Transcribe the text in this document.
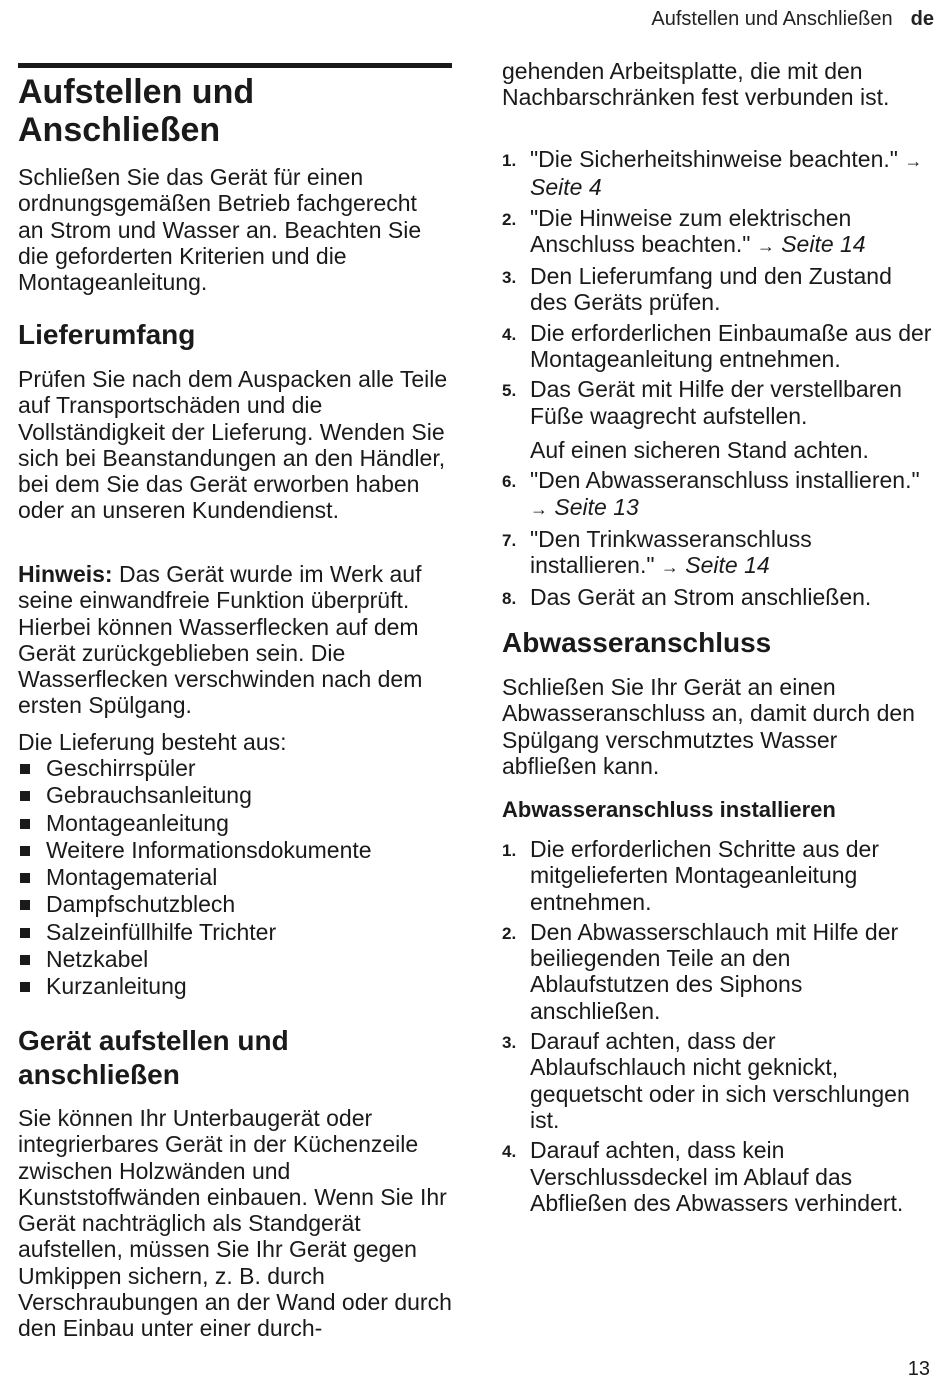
Aufstellen und Anschließen de
Aufstellen und Anschließen

Schließen Sie das Gerät für einen ordnungsgemäßen Betrieb fachgerecht an Strom und Wasser an. Beachten Sie die geforderten Kriterien und die Montageanleitung.

Lieferumfang

Prüfen Sie nach dem Auspacken alle Teile auf Transportschäden und die Vollständigkeit der Lieferung. Wenden Sie sich bei Beanstandungen an den Händler, bei dem Sie das Gerät erworben haben oder an unseren Kundendienst.

Hinweis: Das Gerät wurde im Werk auf seine einwandfreie Funktion überprüft. Hierbei können Wasserflecken auf dem Gerät zurückgeblieben sein. Die Wasserflecken verschwinden nach dem ersten Spülgang.

Die Lieferung besteht aus:

Geschirrspüler
Gebrauchsanleitung
Montageanleitung
Weitere Informationsdokumente
Montagematerial
Dampfschutzblech
Salzeinfüllhilfe Trichter
Netzkabel
Kurzanleitung
Gerät aufstellen und anschließen

Sie können Ihr Unterbaugerät oder integrierbares Gerät in der Küchenzeile zwischen Holzwänden und Kunststoffwänden einbauen. Wenn Sie Ihr Gerät nachträglich als Standgerät aufstellen, müssen Sie Ihr Gerät gegen Umkippen sichern, z. B. durch Verschraubungen an der Wand oder durch den Einbau unter einer durch-

gehenden Arbeitsplatte, die mit den Nachbarschränken fest verbunden ist.

1. "Die Sicherheitshinweise beachten." → Seite 4
2. "Die Hinweise zum elektrischen Anschluss beachten." → Seite 14
3. Den Lieferumfang und den Zustand des Geräts prüfen.
4. Die erforderlichen Einbaumaße aus der Montageanleitung entnehmen.
5. Das Gerät mit Hilfe der verstellbaren Füße waagrecht aufstellen.
Auf einen sicheren Stand achten.
6. "Den Abwasseranschluss installieren." → Seite 13
7. "Den Trinkwasseranschluss installieren." → Seite 14
8. Das Gerät an Strom anschließen.
Abwasseranschluss

Schließen Sie Ihr Gerät an einen Abwasseranschluss an, damit durch den Spülgang verschmutztes Wasser abfließen kann.

Abwasseranschluss installieren
1. Die erforderlichen Schritte aus der mitgelieferten Montageanleitung entnehmen.
2. Den Abwasserschlauch mit Hilfe der beiliegenden Teile an den Ablaufstutzen des Siphons anschließen.
3. Darauf achten, dass der Ablaufschlauch nicht geknickt, gequetscht oder in sich verschlungen ist.
4. Darauf achten, dass kein Verschlussdeckel im Ablauf das Abfließen des Abwassers verhindert.
13
